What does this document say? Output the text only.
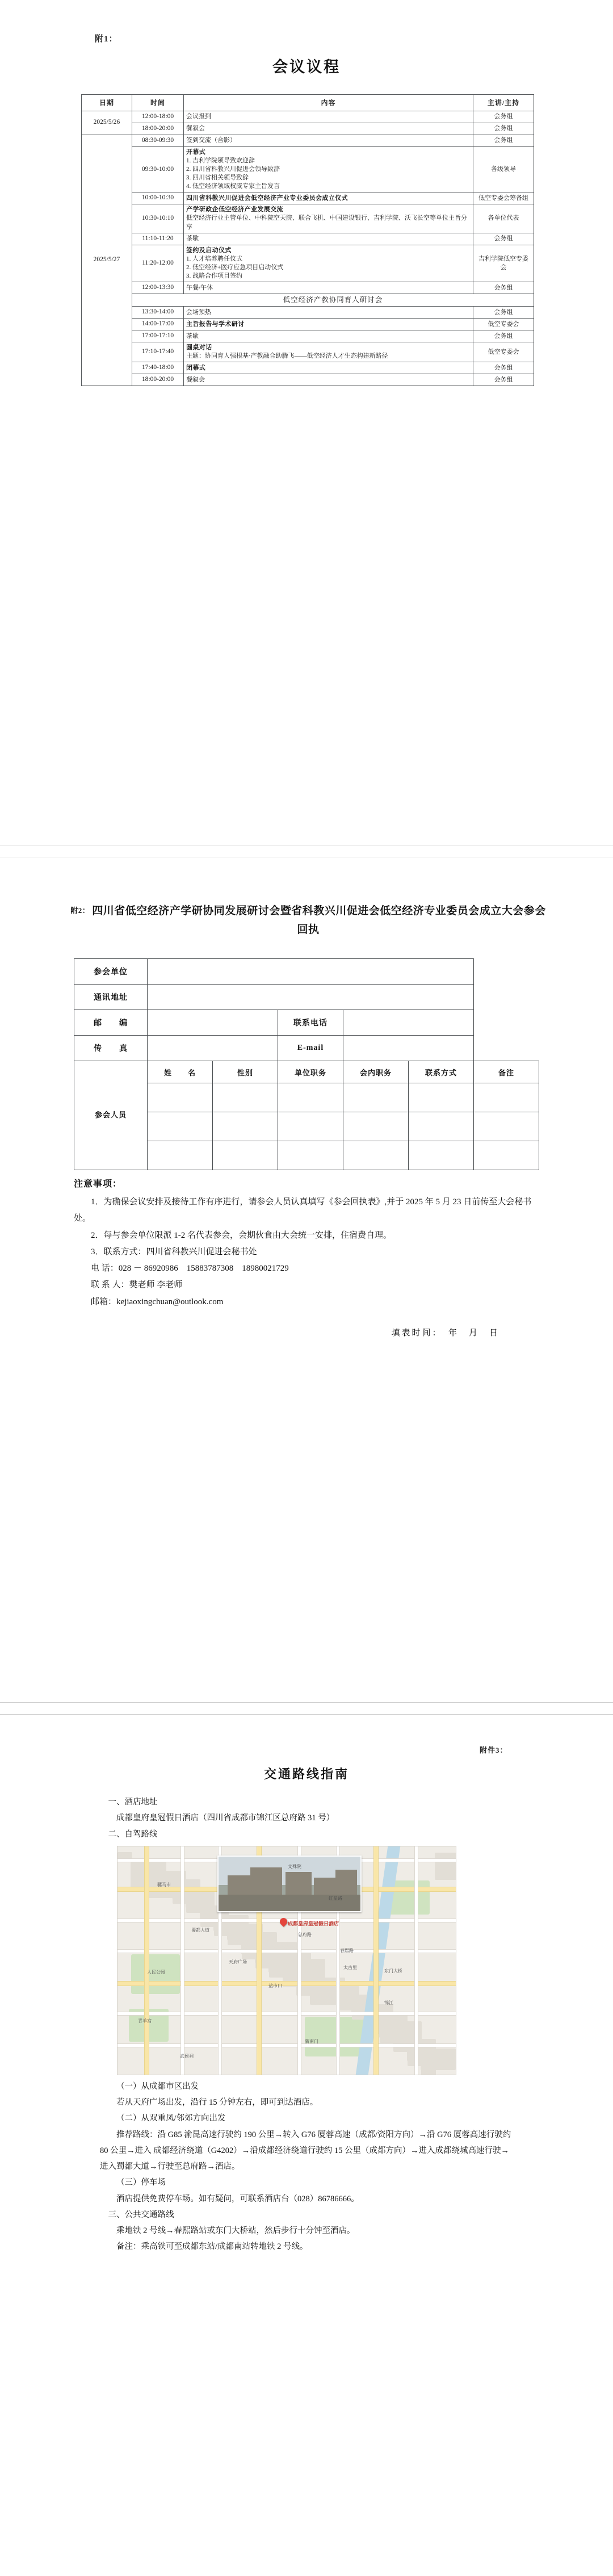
附1：
会议议程
日期	时间	内容	主讲/主持
2025/5/26	12:00-18:00	会议报到	会务组
	18:00-20:00	餐叙会	会务组
2025/5/27	08:30-09:30	签到交流（合影）	会务组
	09:30-10:00	开幕式
1. 吉利学院领导致欢迎辞
2. 四川省科教兴川促进会领导致辞
3. 四川省相关领导致辞
4. 低空经济领域权威专家主旨发言	各级领导
	10:00-10:30	四川省科教兴川促进会低空经济产业专业委员会成立仪式	低空专委会筹备组
	10:30-10:10	产学研政企低空经济产业发展交流
低空经济行业主管单位、中科院空天院、联合飞机、中国建设银行、吉利学院、沃飞长空等单位主旨分享	各单位代表
	11:10-11:20	茶歇	会务组
	11:20-12:00	签约及启动仪式
1. 人才培养聘任仪式
2. 低空经济+医疗应急项目启动仪式
3. 战略合作项目签约	吉利学院低空专委会
	12:00-13:30	午餐/午休	会务组
	低空经济产教协同育人研讨会		
	13:30-14:00	会场预热	会务组
	14:00-17:00	主旨报告与学术研讨	低空专委会
	17:00-17:10	茶歇	会务组
	17:10-17:40	圆桌对话
主题：协同育人强根基·产教融合助腾飞——低空经济人才生态构建新路径	低空专委会
	17:40-18:00	闭幕式	会务组
	18:00-20:00	餐叙会	会务组
附2： 四川省低空经济产学研协同发展研讨会暨省科教兴川促进会低空经济专业委员会成立大会参会回执
参会单位						
通讯地址						
邮　　编			联系电话			
传　　真			E-mail			
参会人员	姓　　名	性别	单位职务	会内职务	联系方式	备注

注意事项：

1．为确保会议安排及接待工作有序进行，请参会人员认真填写《参会回执表》,并于 2025 年 5 月 23 日前传至大会秘书处。

2．每与参会单位限派 1-2 名代表参会，会期伙食由大会统一安排，住宿费自理。

3．联系方式：四川省科教兴川促进会秘书处

电 话：028 － 86920986　15883787308　18980021729

联 系 人：樊老师 李老师

邮箱：kejiaoxingchuan@outlook.com

填表时间：　年　月　日
附件3：
交通路线指南

一、酒店地址

成都皇府皇冠假日酒店（四川省成都市锦江区总府路 31 号）

二、自驾路线

骡马市
文殊院
人民公园
天府广场
春熙路
总府路
成都皇府皇冠假日酒店
锦江
东门大桥
太古里
盐市口
蜀都大道
新南门
红星路
青羊宫
武侯祠

（一）从成都市区出发

若从天府广场出发，沿行 15 分钟左右，即可到达酒店。

（二）从双重凤/邻郊方向出发

推荐路线：沿 G85 渝昆高速行驶约 190 公里→转入 G76 厦蓉高速（成都/资阳方向）→沿 G76 厦蓉高速行驶约 80 公里→进入 成都经济绕道（G4202）→沿成都经济绕道行驶约 15 公里（成都方向）→进入成都绕城高速行驶→进入蜀都大道→行驶至总府路→酒店。

（三）停车场

酒店提供免费停车场。如有疑问，可联系酒店台（028）86786666。

三、公共交通路线

乘地铁 2 号线→春熙路站或东门大桥站，然后步行十分钟至酒店。

备注：乘高铁可至成都东站/成都南站转地铁 2 号线。
